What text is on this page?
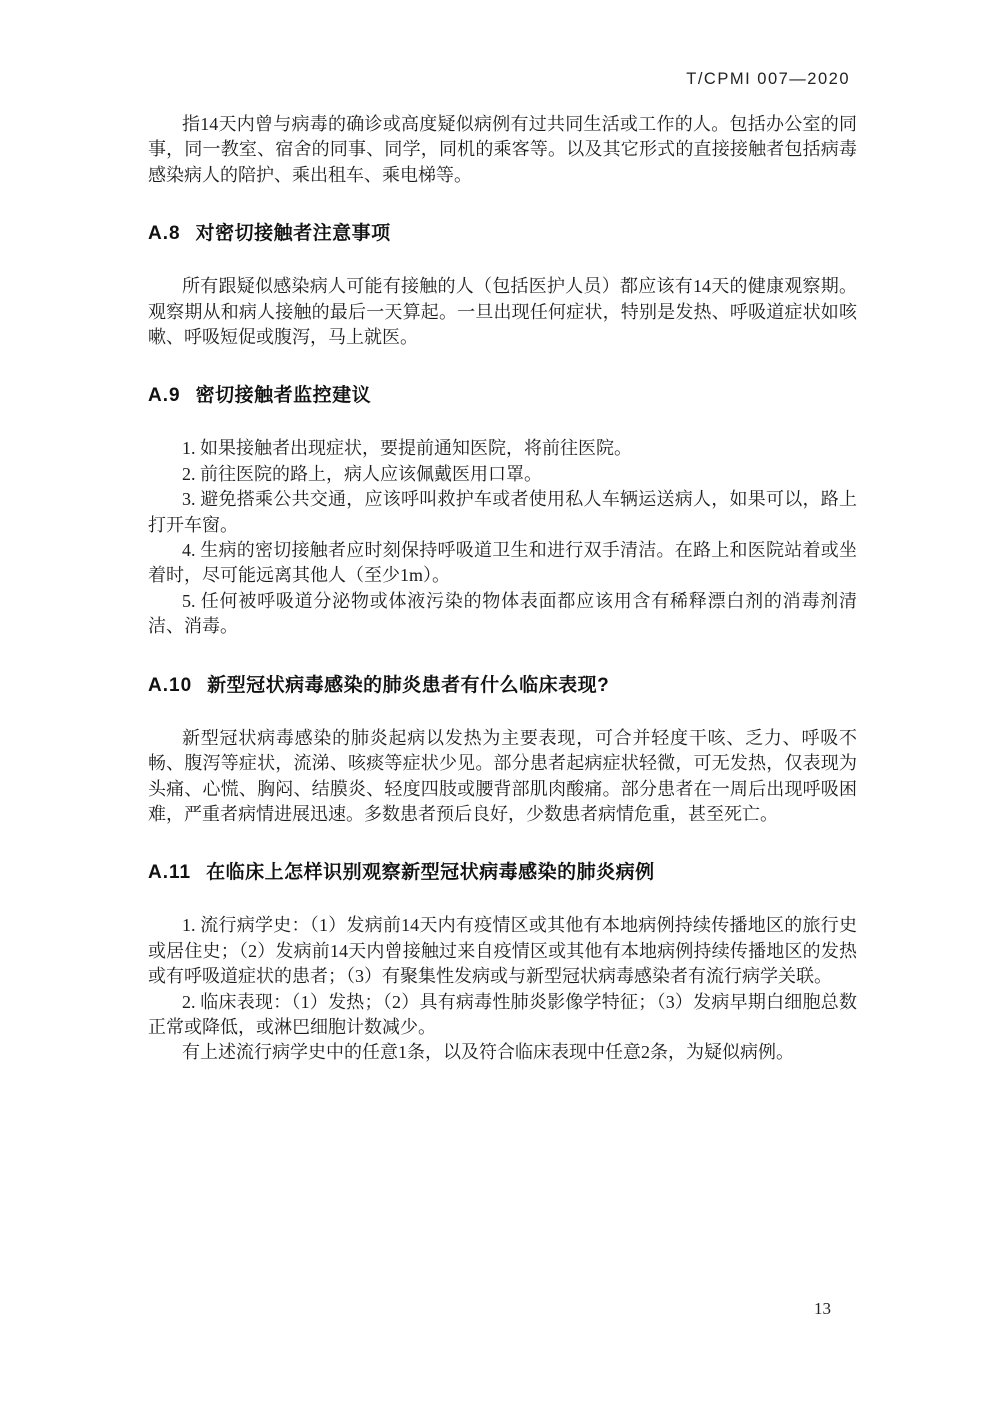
T/CPMI 007—2020

指14天内曾与病毒的确诊或高度疑似病例有过共同生活或工作的人。包括办公室的同事，同一教室、宿舍的同事、同学，同机的乘客等。以及其它形式的直接接触者包括病毒感染病人的陪护、乘出租车、乘电梯等。

A.8 对密切接触者注意事项

所有跟疑似感染病人可能有接触的人（包括医护人员）都应该有14天的健康观察期。观察期从和病人接触的最后一天算起。一旦出现任何症状，特别是发热、呼吸道症状如咳嗽、呼吸短促或腹泻，马上就医。

A.9 密切接触者监控建议

1. 如果接触者出现症状，要提前通知医院，将前往医院。

2. 前往医院的路上，病人应该佩戴医用口罩。

3. 避免搭乘公共交通，应该呼叫救护车或者使用私人车辆运送病人，如果可以，路上打开车窗。

4. 生病的密切接触者应时刻保持呼吸道卫生和进行双手清洁。在路上和医院站着或坐着时，尽可能远离其他人（至少1m）。

5. 任何被呼吸道分泌物或体液污染的物体表面都应该用含有稀释漂白剂的消毒剂清洁、消毒。

A.10 新型冠状病毒感染的肺炎患者有什么临床表现?

新型冠状病毒感染的肺炎起病以发热为主要表现，可合并轻度干咳、乏力、呼吸不畅、腹泻等症状，流涕、咳痰等症状少见。部分患者起病症状轻微，可无发热，仅表现为头痛、心慌、胸闷、结膜炎、轻度四肢或腰背部肌肉酸痛。部分患者在一周后出现呼吸困难，严重者病情进展迅速。多数患者预后良好，少数患者病情危重，甚至死亡。

A.11 在临床上怎样识别观察新型冠状病毒感染的肺炎病例

1. 流行病学史：（1）发病前14天内有疫情区或其他有本地病例持续传播地区的旅行史或居住史；（2）发病前14天内曾接触过来自疫情区或其他有本地病例持续传播地区的发热或有呼吸道症状的患者；（3）有聚集性发病或与新型冠状病毒感染者有流行病学关联。

2. 临床表现：（1）发热；（2）具有病毒性肺炎影像学特征；（3）发病早期白细胞总数正常或降低，或淋巴细胞计数减少。

有上述流行病学史中的任意1条，以及符合临床表现中任意2条，为疑似病例。

13
